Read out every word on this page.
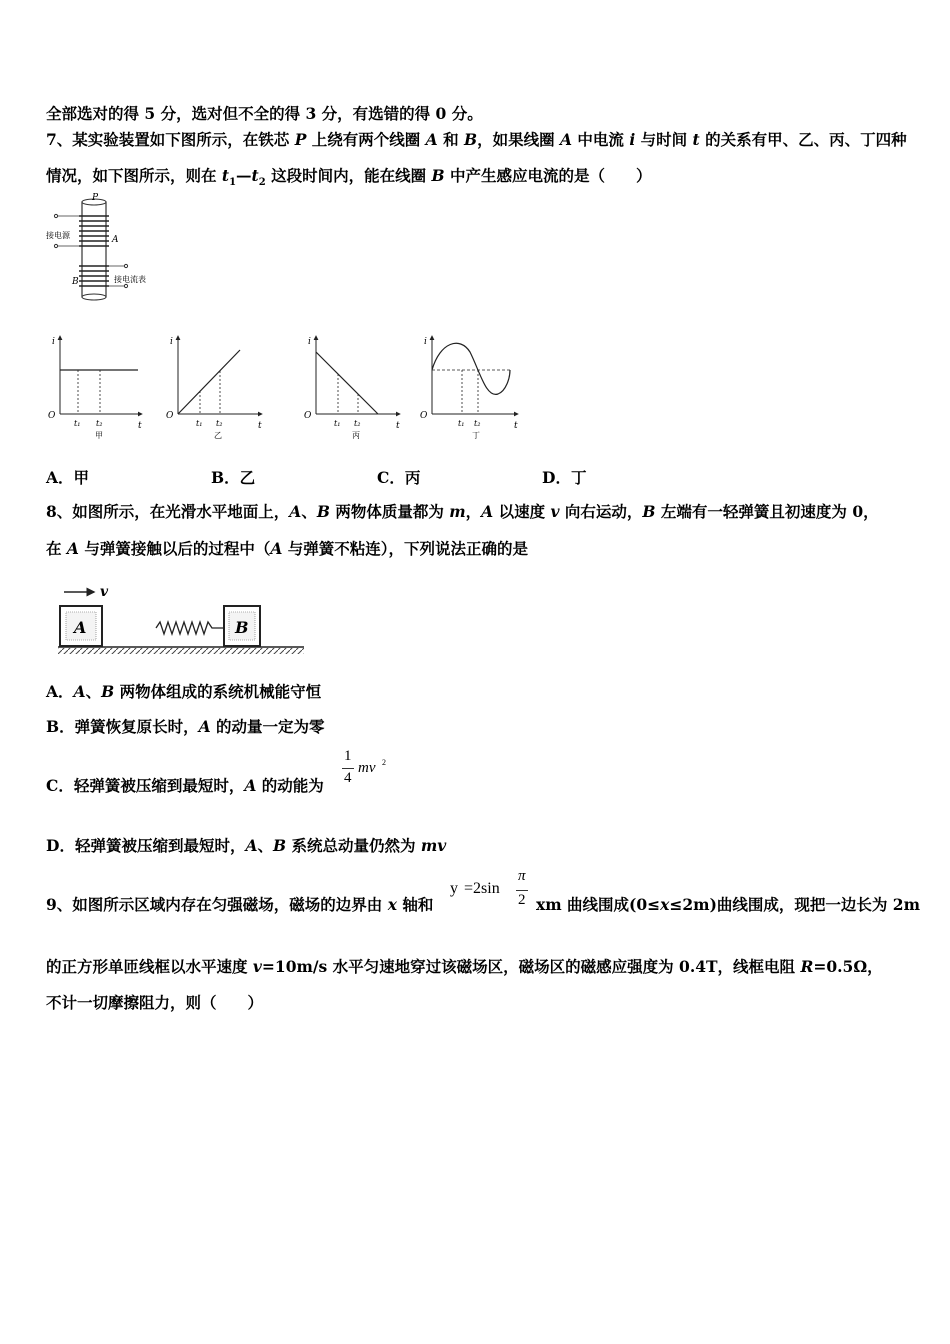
全部选对的得 5 分，选对但不全的得 3 分，有选错的得 0 分。
7、某实验装置如下图所示，在铁芯 P 上绕有两个线圈 A 和 B，如果线圈 A 中电流 i 与时间 t 的关系有甲、乙、丙、丁四种
情况，如下图所示，则在 $t_1—t_2$ 这段时间内，能在线圈 B 中产生感应电流的是（　　）
P
A
B
接电源
接电流表
i
t
O
t₁ t₂
甲
i
t
O
t₁ t₂
乙
i
t
O
t₁ t₂
丙
i
t
O
t₁ t₂
丁
A．甲	B．乙	C．丙	D．丁
8、如图所示，在光滑水平地面上，A、B 两物体质量都为 m，A 以速度 v 向右运动，B 左端有一轻弹簧且初速度为 0，
在 A 与弹簧接触以后的过程中（A 与弹簧不粘连），下列说法正确的是
v
A	B
A．A、B 两物体组成的系统机械能守恒
B．弹簧恢复原长时，A 的动量一定为零
C．轻弹簧被压缩到最短时，A 的动能为
1
4
mv 2
D．轻弹簧被压缩到最短时，A、B 系统总动量仍然为 mv
9、如图所示区域内存在匀强磁场，磁场的边界由 x 轴和
y =2sin
π
2 xm 曲线围成(0≤x≤2m)曲线围成，现把一边长为 2m
的正方形单匝线框以水平速度 v=10m/s 水平匀速地穿过该磁场区，磁场区的磁感应强度为 0.4T，线框电阻 R=0.5Ω，
不计一切摩擦阻力，则（　　）
